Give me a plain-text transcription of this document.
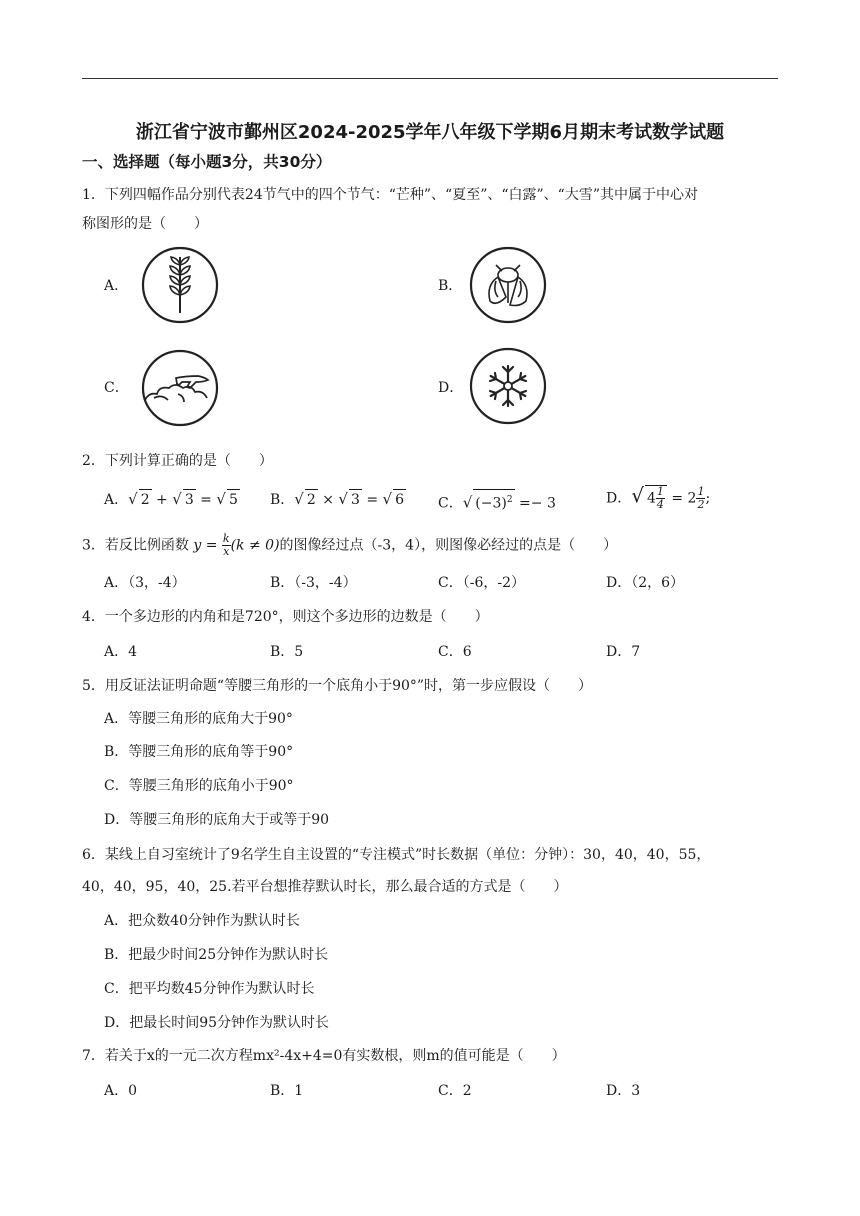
浙江省宁波市鄞州区2024-2025学年八年级下学期6月期末考试数学试题
一、选择题（每小题3分，共30分）
1．下列四幅作品分别代表24节气中的四个节气：“芒种”、“夏至”、“白露”、“大雪”其中属于中心对
称图形的是（　　）
A．	B．
C．	D．
2．下列计算正确的是（　　）
A．√ 2 + √ 3 = √ 5 B．√ 2 × √ 3 = √ 6 C．√ $(-3)^2 =- 3$	D．√ $4 \frac{1}{4} = 2 \frac{1}{2}$ ;
3．若反比例函数 $y = \frac{k}{x} (k \ne 0)$的图像经过点（-3，4），则图像必经过的点是（　　）
A．（3，-4）	B．（-3，-4）	C．（-6，-2）	D．（2，6）
4．一个多边形的内角和是720°，则这个多边形的边数是（　　）
A．4	B．5	C．6	D．7
5．用反证法证明命题“等腰三角形的一个底角小于90°”时，第一步应假设（　　）
A．等腰三角形的底角大于90°
B．等腰三角形的底角等于90°
C．等腰三角形的底角小于90°
D．等腰三角形的底角大于或等于90
6．某线上自习室统计了9名学生自主设置的“专注模式”时长数据（单位：分钟）：30，40，40，55，
40，40，95，40，25.若平台想推荐默认时长，那么最合适的方式是（　　）
A．把众数40分钟作为默认时长
B．把最少时间25分钟作为默认时长
C．把平均数45分钟作为默认时长
D．把最长时间95分钟作为默认时长
7．若关于x的一元二次方程mx²-4x+4=0有实数根，则m的值可能是（　　）
A．0	B．1	C．2	D．3
